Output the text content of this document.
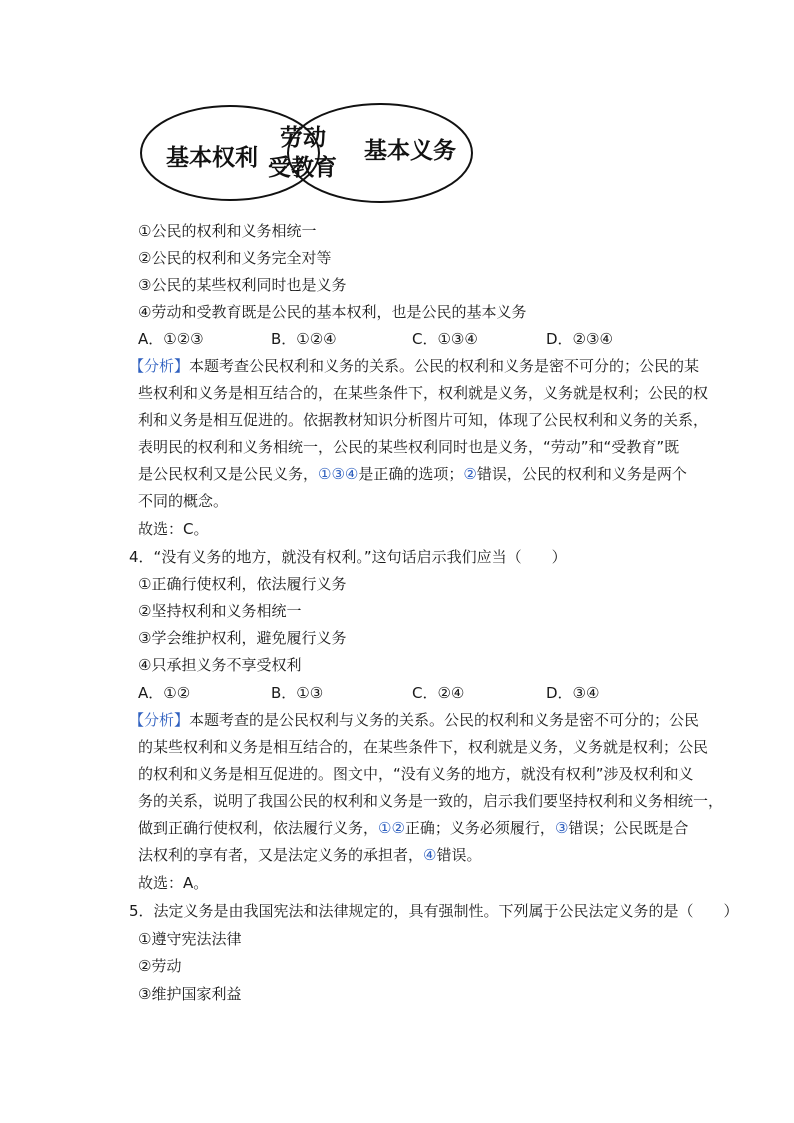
基本权利
劳动
受教育
基本义务
①公民的权利和义务相统一
②公民的权利和义务完全对等
③公民的某些权利同时也是义务
④劳动和受教育既是公民的基本权利，也是公民的基本义务
A．①②③	B．①②④	C．①③④	D．②③④
【分析】本题考查公民权利和义务的关系。公民的权利和义务是密不可分的；公民的某
些权利和义务是相互结合的，在某些条件下，权利就是义务，义务就是权利；公民的权
利和义务是相互促进的。依据教材知识分析图片可知，体现了公民权利和义务的关系，
表明民的权利和义务相统一，公民的某些权利同时也是义务，“劳动”和“受教育”既
是公民权利又是公民义务，①③④是正确的选项；②错误，公民的权利和义务是两个
不同的概念。
故选：C。
4．“没有义务的地方，就没有权利。”这句话启示我们应当（　　）
①正确行使权利，依法履行义务
②坚持权利和义务相统一
③学会维护权利，避免履行义务
④只承担义务不享受权利
A．①②	B．①③	C．②④	D．③④
【分析】本题考查的是公民权利与义务的关系。公民的权利和义务是密不可分的；公民
的某些权利和义务是相互结合的，在某些条件下，权利就是义务，义务就是权利；公民
的权利和义务是相互促进的。图文中，“没有义务的地方，就没有权利”涉及权利和义
务的关系，说明了我国公民的权利和义务是一致的，启示我们要坚持权利和义务相统一，
做到正确行使权利，依法履行义务，①②正确；义务必须履行，③错误；公民既是合
法权利的享有者，又是法定义务的承担者，④错误。
故选：A。
5．法定义务是由我国宪法和法律规定的，具有强制性。下列属于公民法定义务的是（　　）
①遵守宪法法律
②劳动
③维护国家利益
